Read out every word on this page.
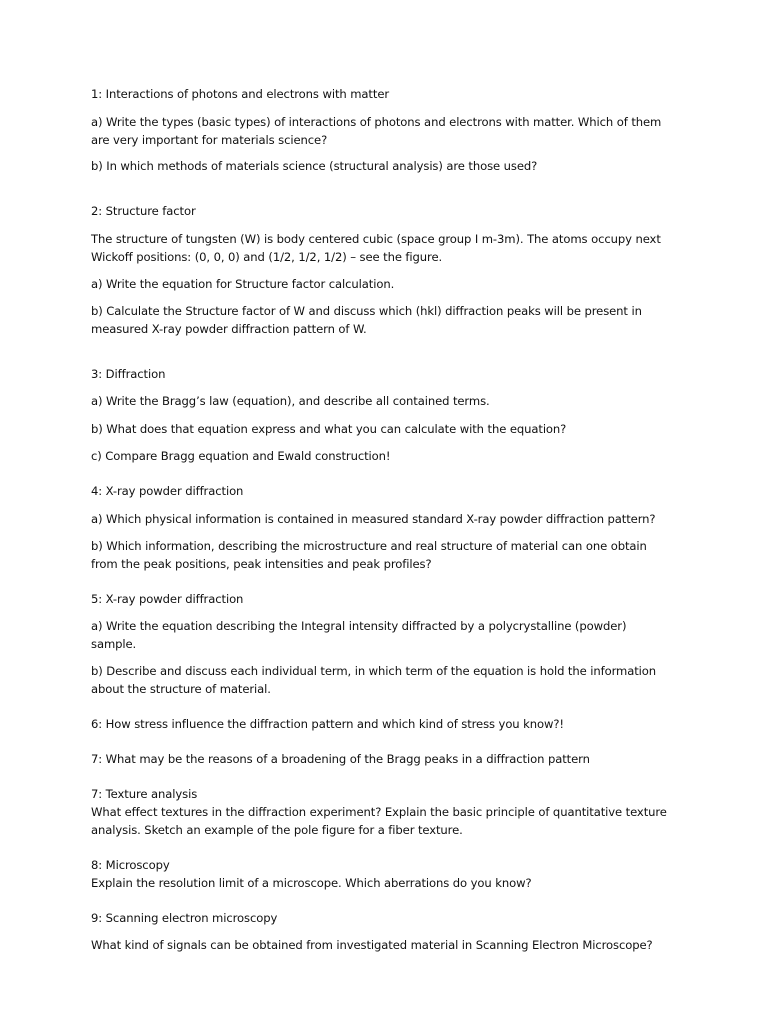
1: Interactions of photons and electrons with matter
a) Write the types (basic types) of interactions of photons and electrons with matter. Which of them
are very important for materials science?
b) In which methods of materials science (structural analysis) are those used?
2: Structure factor
The structure of tungsten (W) is body centered cubic (space group I m-3m). The atoms occupy next
Wickoff positions: (0, 0, 0) and (1/2, 1/2, 1/2) – see the figure.
a) Write the equation for Structure factor calculation.
b) Calculate the Structure factor of W and discuss which (hkl) diffraction peaks will be present in
measured X-ray powder diffraction pattern of W.
3: Diffraction
a) Write the Bragg’s law (equation), and describe all contained terms.
b) What does that equation express and what you can calculate with the equation?
c) Compare Bragg equation and Ewald construction!
4: X-ray powder diffraction
a) Which physical information is contained in measured standard X-ray powder diffraction pattern?
b) Which information, describing the microstructure and real structure of material can one obtain
from the peak positions, peak intensities and peak profiles?
5: X-ray powder diffraction
a) Write the equation describing the Integral intensity diffracted by a polycrystalline (powder)
sample.
b) Describe and discuss each individual term, in which term of the equation is hold the information
about the structure of material.
6: How stress influence the diffraction pattern and which kind of stress you know?!
7: What may be the reasons of a broadening of the Bragg peaks in a diffraction pattern
7: Texture analysis
What effect textures in the diffraction experiment? Explain the basic principle of quantitative texture
analysis. Sketch an example of the pole figure for a fiber texture.
8: Microscopy
Explain the resolution limit of a microscope. Which aberrations do you know?
9: Scanning electron microscopy
What kind of signals can be obtained from investigated material in Scanning Electron Microscope?
